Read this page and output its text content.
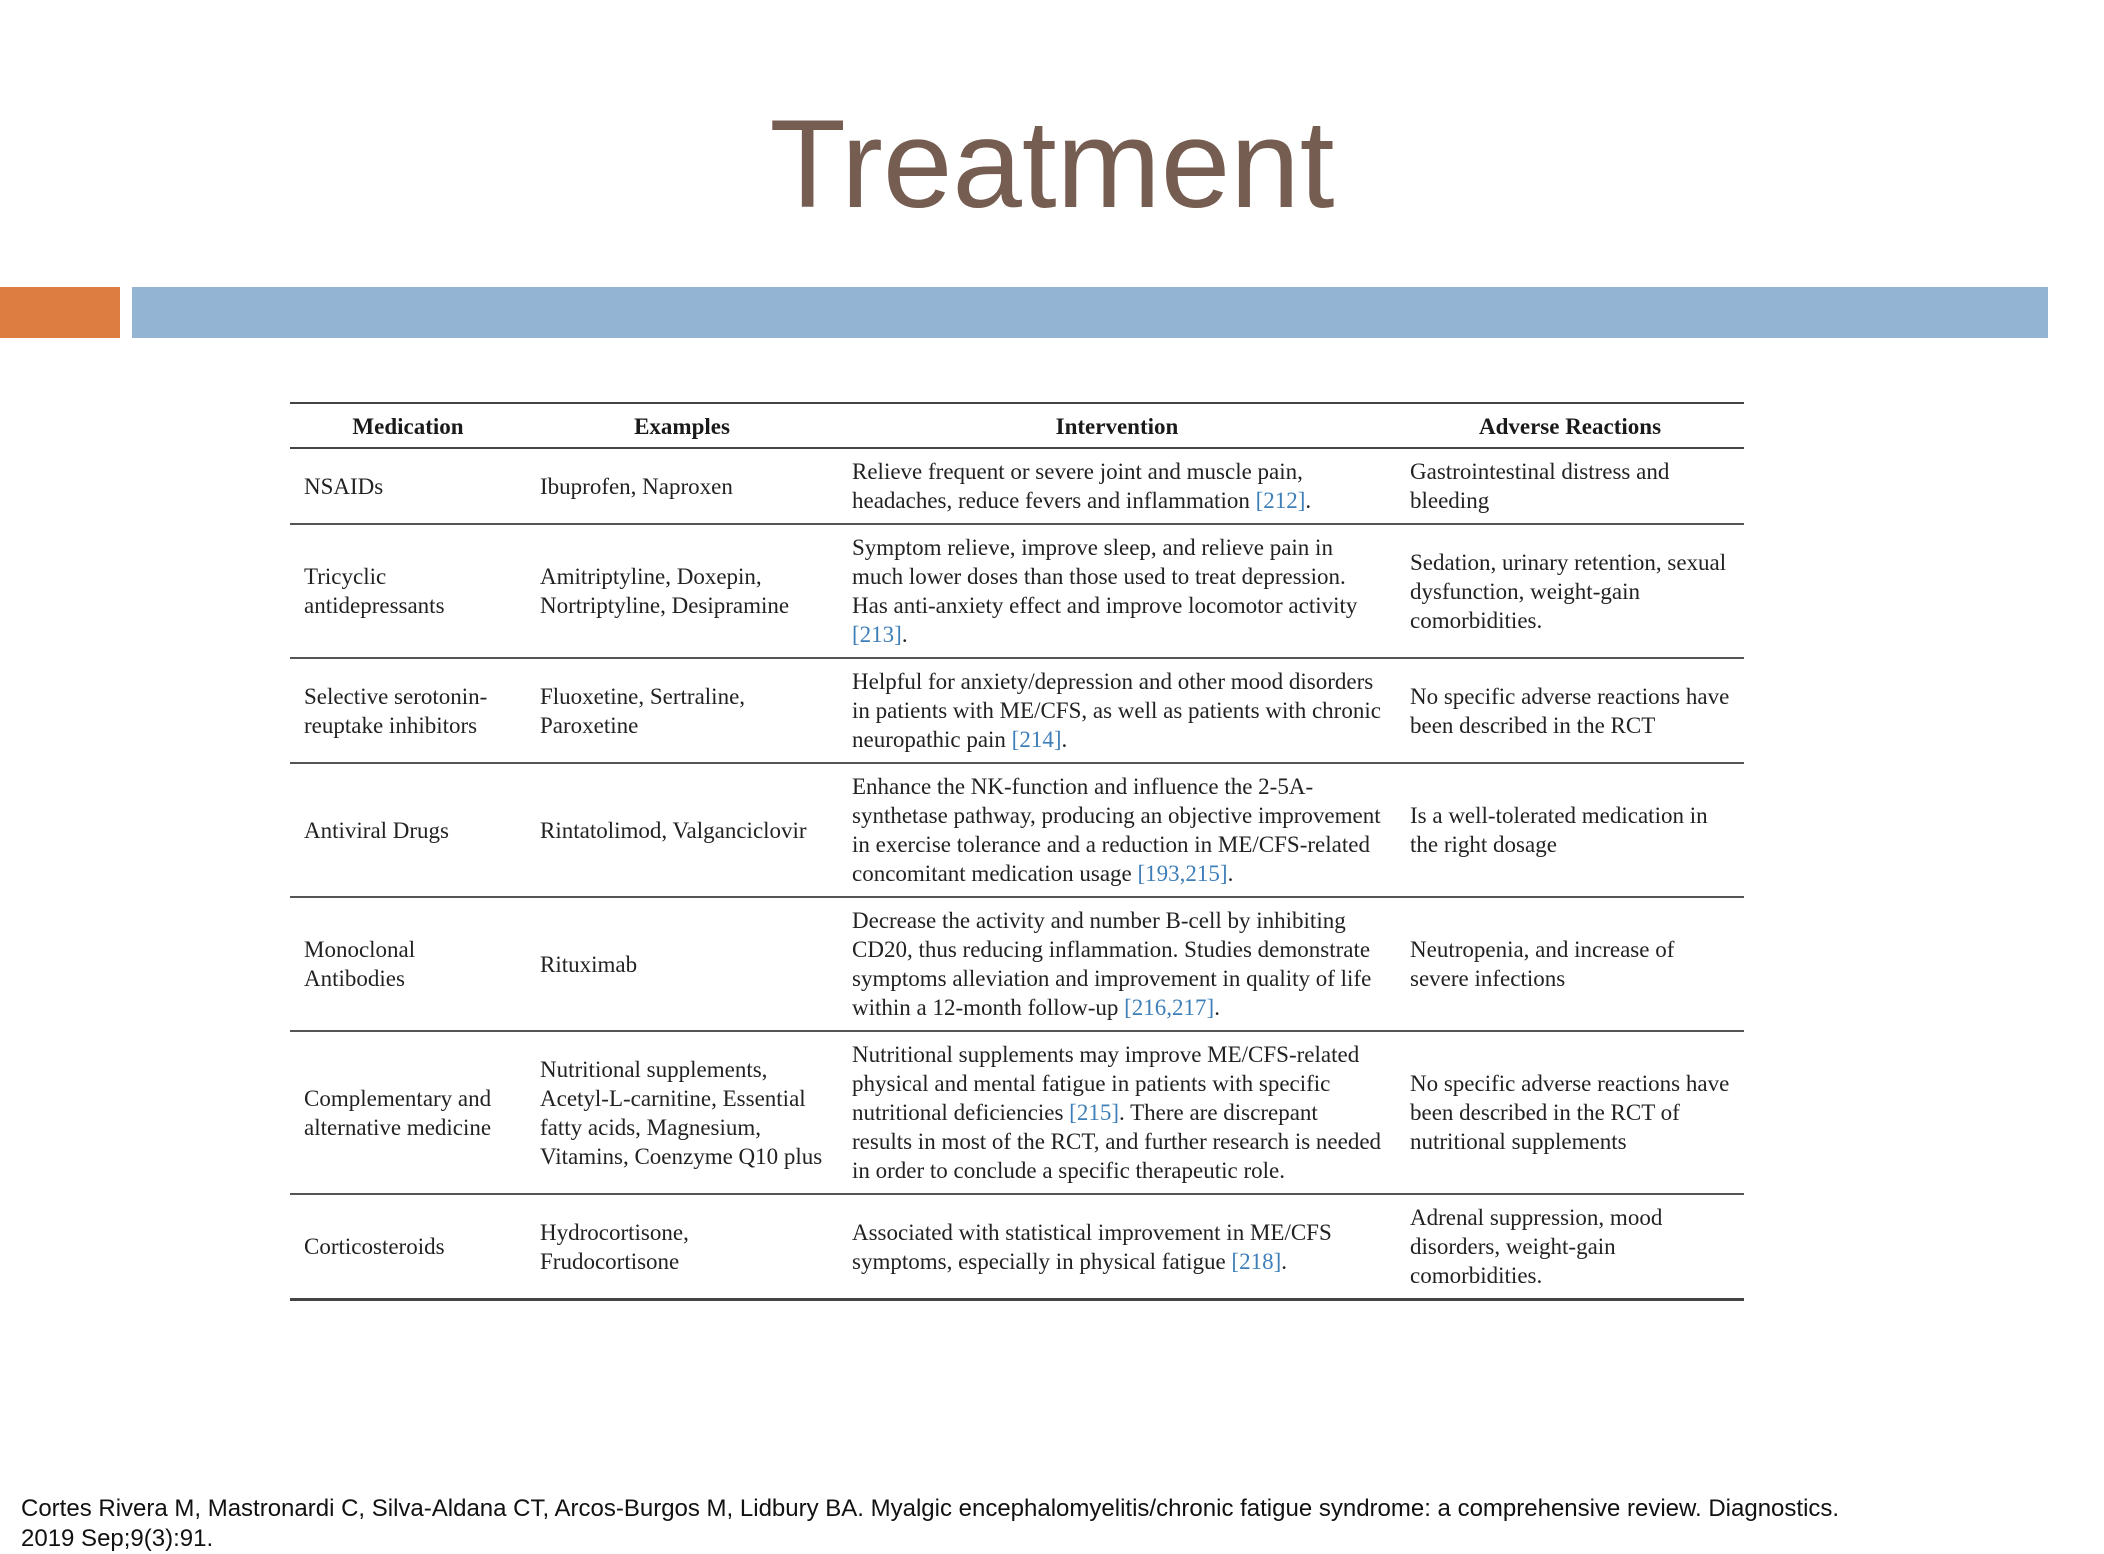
Treatment
Medication	Examples	Intervention	Adverse Reactions
NSAIDs	Ibuprofen, Naproxen	Relieve frequent or severe joint and muscle pain, headaches, reduce fevers and inflammation [212].	Gastrointestinal distress and bleeding
Tricyclic antidepressants	Amitriptyline, Doxepin, Nortriptyline, Desipramine	Symptom relieve, improve sleep, and relieve pain in much lower doses than those used to treat depression. Has anti-anxiety effect and improve locomotor activity [213].	Sedation, urinary retention, sexual dysfunction, weight-gain comorbidities.
Selective serotonin-reuptake inhibitors	Fluoxetine, Sertraline, Paroxetine	Helpful for anxiety/depression and other mood disorders in patients with ME/CFS, as well as patients with chronic neuropathic pain [214].	No specific adverse reactions have been described in the RCT
Antiviral Drugs	Rintatolimod, Valganciclovir	Enhance the NK-function and influence the 2-5A-synthetase pathway, producing an objective improvement in exercise tolerance and a reduction in ME/CFS-related concomitant medication usage [193,215].	Is a well-tolerated medication in the right dosage
Monoclonal Antibodies	Rituximab	Decrease the activity and number B-cell by inhibiting CD20, thus reducing inflammation. Studies demonstrate symptoms alleviation and improvement in quality of life within a 12-month follow-up [216,217].	Neutropenia, and increase of severe infections
Complementary and alternative medicine	Nutritional supplements, Acetyl-L-carnitine, Essential fatty acids, Magnesium, Vitamins, Coenzyme Q10 plus	Nutritional supplements may improve ME/CFS-related physical and mental fatigue in patients with specific nutritional deficiencies [215]. There are discrepant results in most of the RCT, and further research is needed in order to conclude a specific therapeutic role.	No specific adverse reactions have been described in the RCT of nutritional supplements
Corticosteroids	Hydrocortisone, Frudocortisone	Associated with statistical improvement in ME/CFS symptoms, especially in physical fatigue [218].	Adrenal suppression, mood disorders, weight-gain comorbidities.
Cortes Rivera M, Mastronardi C, Silva-Aldana CT, Arcos-Burgos M, Lidbury BA. Myalgic encephalomyelitis/chronic fatigue syndrome: a comprehensive review. Diagnostics.
2019 Sep;9(3):91.
